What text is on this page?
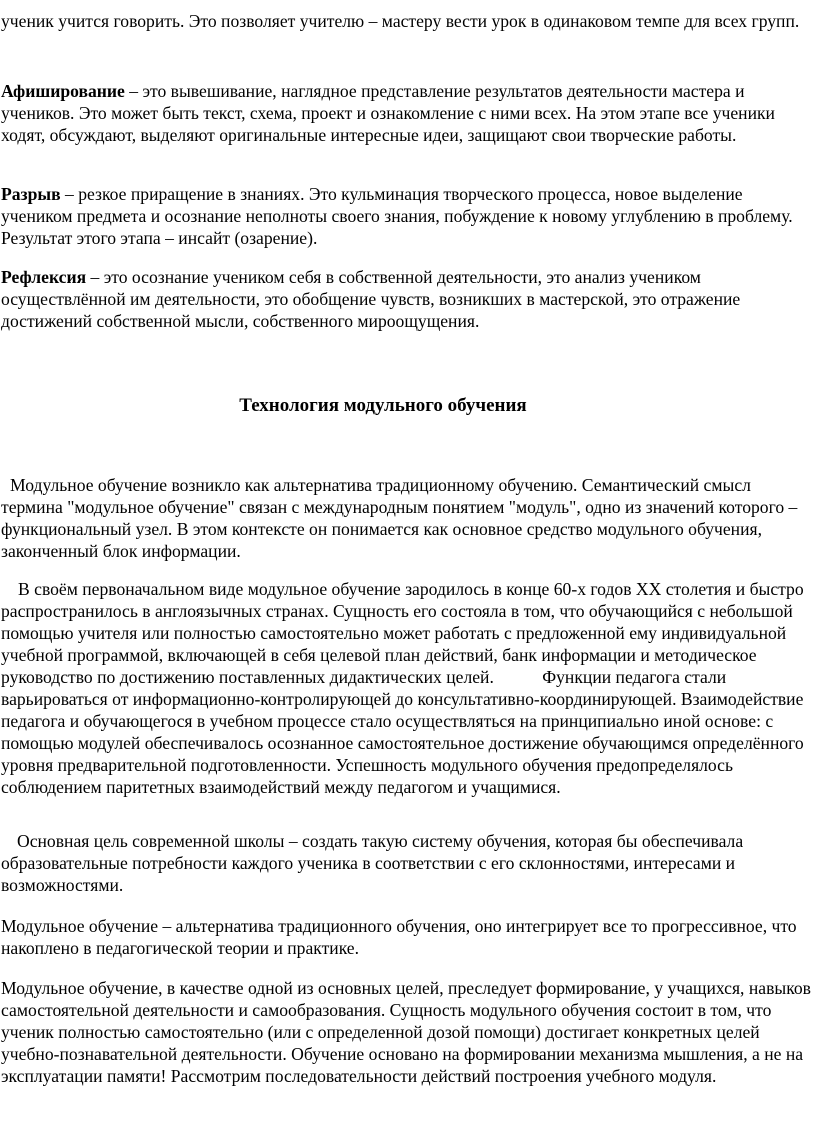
ученик учится говорить. Это позволяет учителю – мастеру вести урок в одинаковом темпе для всех групп.

Афиширование – это вывешивание, наглядное представление результатов деятельности мастера и учеников. Это может быть текст, схема, проект и ознакомление с ними всех. На этом этапе все ученики ходят, обсуждают, выделяют оригинальные интересные идеи, защищают свои творческие работы.

Разрыв – резкое приращение в знаниях. Это кульминация творческого процесса, новое выделение учеником предмета и осознание неполноты своего знания, побуждение к новому углублению в проблему. Результат этого этапа – инсайт (озарение).

Рефлексия – это осознание учеником себя в собственной деятельности, это анализ учеником осуществлённой им деятельности, это обобщение чувств, возникших в мастерской, это отражение достижений собственной мысли, собственного мироощущения.

Технология модульного обучения

Модульное обучение возникло как альтернатива традиционному обучению. Семантический смысл термина "модульное обучение" связан с международным понятием "модуль", одно из значений которого – функциональный узел. В этом контексте он понимается как основное средство модульного обучения, законченный блок информации.

В своём первоначальном виде модульное обучение зародилось в конце 60-х годов XX столетия и быстро распространилось в англоязычных странах. Сущность его состояла в том, что обучающийся с небольшой помощью учителя или полностью самостоятельно может работать с предложенной ему индивидуальной учебной программой, включающей в себя целевой план действий, банк информации и методическое руководство по достижению поставленных дидактических целей.           Функции педагога стали варьироваться от информационно-контролирующей до консультативно-координирующей. Взаимодействие педагога и обучающегося в учебном процессе стало осуществляться на принципиально иной основе: с помощью модулей обеспечивалось осознанное самостоятельное достижение обучающимся определённого уровня предварительной подготовленности. Успешность модульного обучения предопределялось соблюдением паритетных взаимодействий между педагогом и учащимися.

Основная цель современной школы – создать такую систему обучения, которая бы обеспечивала образовательные потребности каждого ученика в соответствии с его склонностями, интересами и возможностями.

Модульное обучение – альтернатива традиционного обучения, оно интегрирует все то прогрессивное, что накоплено в педагогической теории и практике.

Модульное обучение, в качестве одной из основных целей, преследует формирование, у учащихся, навыков самостоятельной деятельности и самообразования. Сущность модульного обучения состоит в том, что ученик полностью самостоятельно (или с определенной дозой помощи) достигает конкретных целей учебно-познавательной деятельности. Обучение основано на формировании механизма мышления, а не на эксплуатации памяти! Рассмотрим последовательности действий построения учебного модуля.
